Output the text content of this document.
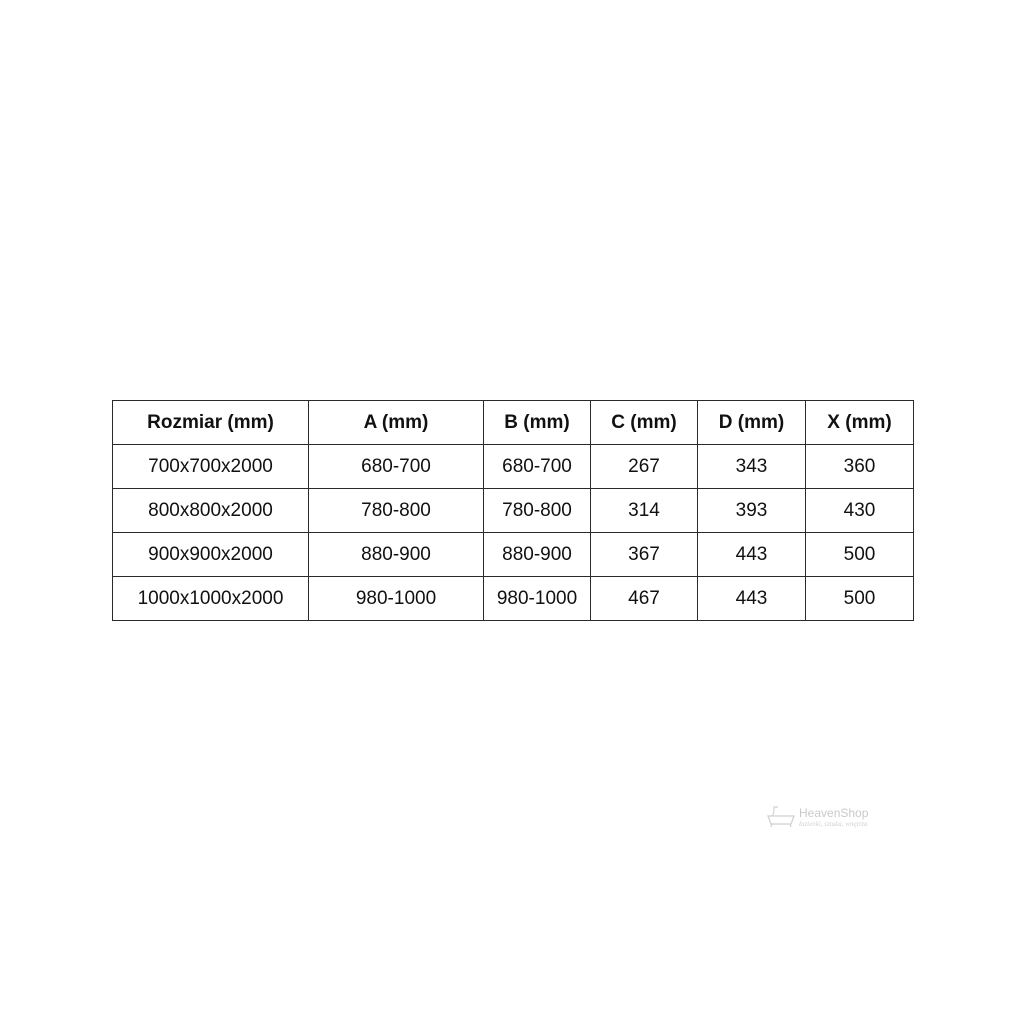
Rozmiar (mm)	A (mm)	B (mm)	C (mm)	D (mm)	X (mm)
700x700x2000	680-700	680-700	267	343	360
800x800x2000	780-800	780-800	314	393	430
900x900x2000	880-900	880-900	367	443	500
1000x1000x2000	980-1000	980-1000	467	443	500
HeavenShop
łazienki, sztuka, wnętrza
